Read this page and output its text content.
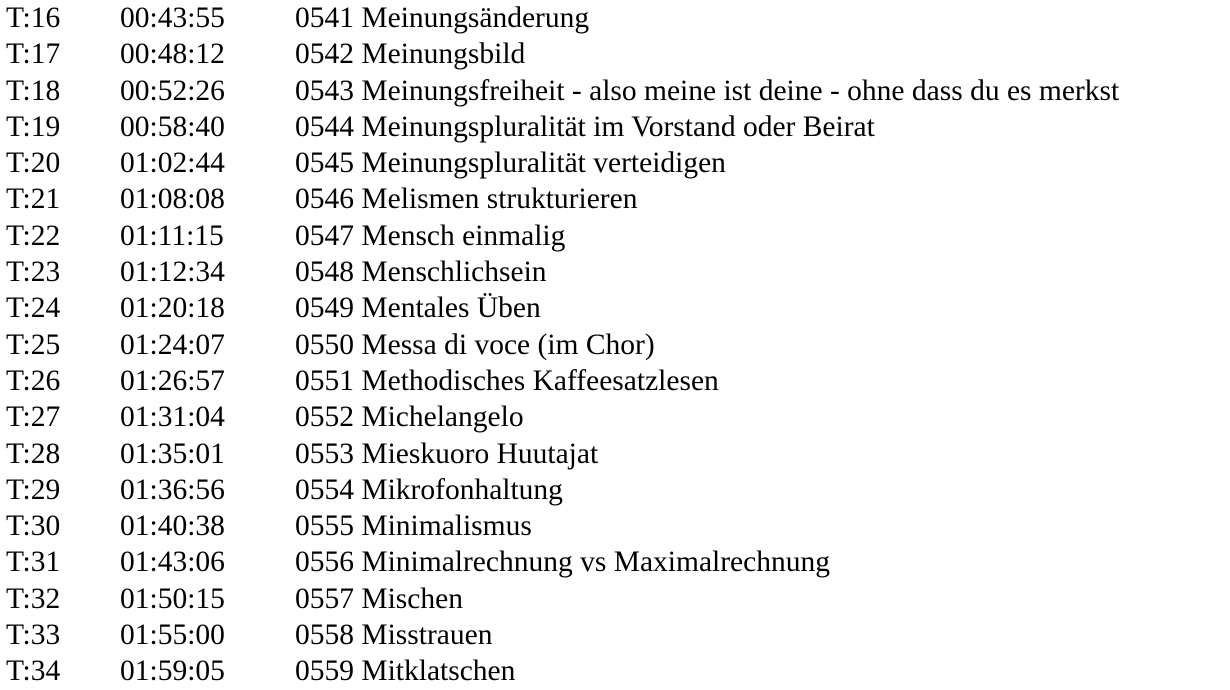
T:16	00:43:55	0541 Meinungsänderung
T:17	00:48:12	0542 Meinungsbild
T:18	00:52:26	0543 Meinungsfreiheit - also meine ist deine - ohne dass du es merkst
T:19	00:58:40	0544 Meinungspluralität im Vorstand oder Beirat
T:20	01:02:44	0545 Meinungspluralität verteidigen
T:21	01:08:08	0546 Melismen strukturieren
T:22	01:11:15	0547 Mensch einmalig
T:23	01:12:34	0548 Menschlichsein
T:24	01:20:18	0549 Mentales Üben
T:25	01:24:07	0550 Messa di voce (im Chor)
T:26	01:26:57	0551 Methodisches Kaffeesatzlesen
T:27	01:31:04	0552 Michelangelo
T:28	01:35:01	0553 Mieskuoro Huutajat
T:29	01:36:56	0554 Mikrofonhaltung
T:30	01:40:38	0555 Minimalismus
T:31	01:43:06	0556 Minimalrechnung vs Maximalrechnung
T:32	01:50:15	0557 Mischen
T:33	01:55:00	0558 Misstrauen
T:34	01:59:05	0559 Mitklatschen
